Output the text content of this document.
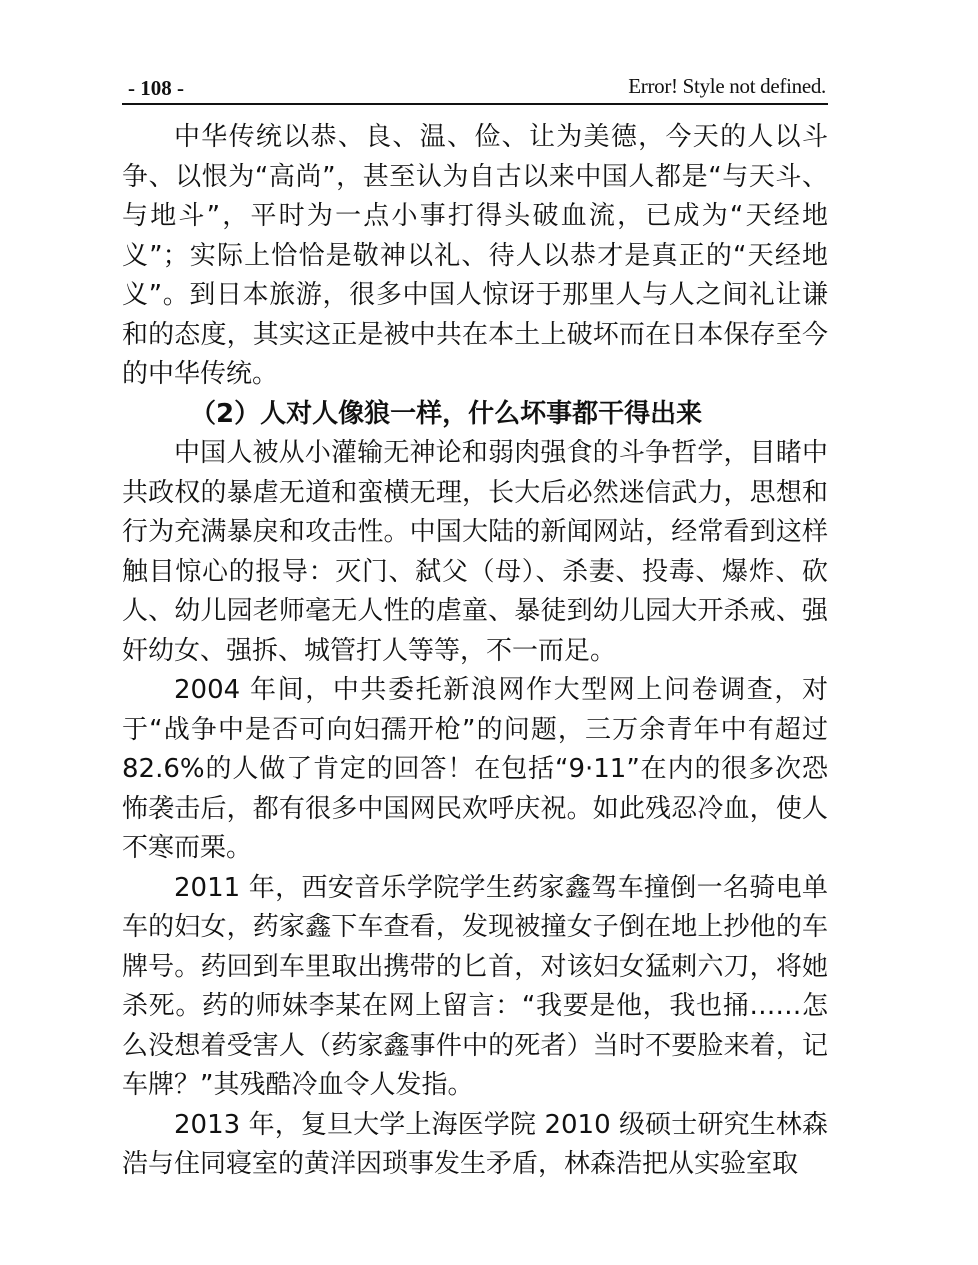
- 108 -	Error! Style not defined.

中华传统以恭、良、温、俭、让为美德，今天的人以斗争、以恨为“高尚”，甚至认为自古以来中国人都是“与天斗、与地斗”，平时为一点小事打得头破血流，已成为“天经地义”；实际上恰恰是敬神以礼、待人以恭才是真正的“天经地义”。到日本旅游，很多中国人惊讶于那里人与人之间礼让谦和的态度，其实这正是被中共在本土上破坏而在日本保存至今的中华传统。

（2）人对人像狼一样，什么坏事都干得出来

中国人被从小灌输无神论和弱肉强食的斗争哲学，目睹中共政权的暴虐无道和蛮横无理，长大后必然迷信武力，思想和行为充满暴戾和攻击性。中国大陆的新闻网站，经常看到这样触目惊心的报导：灭门、弑父（母）、杀妻、投毒、爆炸、砍人、幼儿园老师毫无人性的虐童、暴徒到幼儿园大开杀戒、强奸幼女、强拆、城管打人等等，不一而足。

2004 年间，中共委托新浪网作大型网上问卷调查，对于“战争中是否可向妇孺开枪”的问题，三万余青年中有超过 82.6%的人做了肯定的回答！在包括“9·11”在内的很多次恐怖袭击后，都有很多中国网民欢呼庆祝。如此残忍冷血，使人不寒而栗。

2011 年，西安音乐学院学生药家鑫驾车撞倒一名骑电单车的妇女，药家鑫下车查看，发现被撞女子倒在地上抄他的车牌号。药回到车里取出携带的匕首，对该妇女猛刺六刀，将她杀死。药的师妹李某在网上留言：“我要是他，我也捅……怎么没想着受害人（药家鑫事件中的死者）当时不要脸来着，记车牌？”其残酷冷血令人发指。

2013 年，复旦大学上海医学院 2010 级硕士研究生林森浩与住同寝室的黄洋因琐事发生矛盾，林森浩把从实验室取
